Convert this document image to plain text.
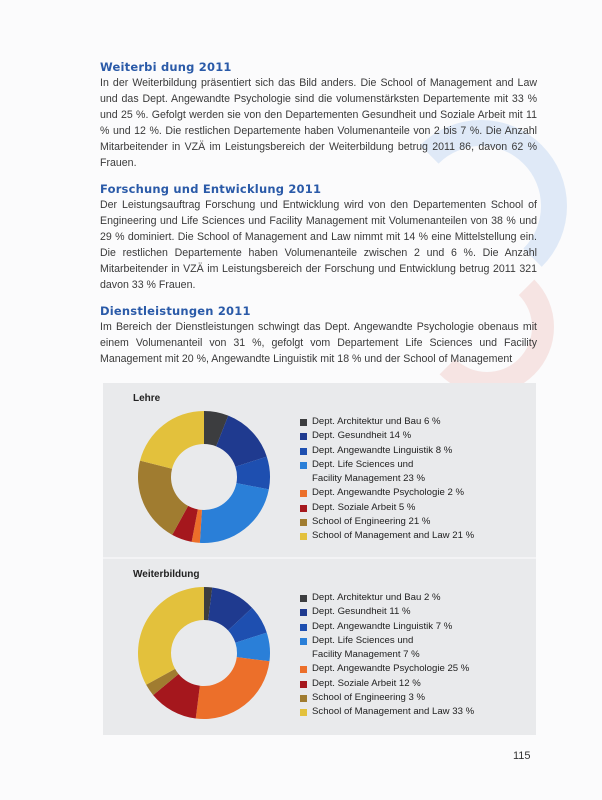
Weiterbi dung 2011

In der Weiterbildung präsentiert sich das Bild anders. Die School of Management and Law und das Dept. Angewandte Psychologie sind die volumenstärksten Departemente mit 33 % und 25 %. Gefolgt werden sie von den Departementen Gesundheit und Soziale Arbeit mit 11 % und 12 %. Die restlichen Departemente haben Volumenanteile von 2 bis 7 %. Die Anzahl Mitarbeitender in VZÄ im Leistungsbereich der Weiterbildung betrug 2011 86, davon 62 % Frauen.

Forschung und Entwicklung 2011

Der Leistungsauftrag Forschung und Entwicklung wird von den Departementen School of Engineering und Life Sciences und Facility Management mit Volumenanteilen von 38 % und 29 % dominiert. Die School of Management and Law nimmt mit 14 % eine Mittelstellung ein. Die restlichen Departemente haben Volumenanteile zwischen 2 und 6 %. Die Anzahl Mitarbeitender in VZÄ im Leistungsbereich der Forschung und Entwicklung betrug 2011 321 davon 33 % Frauen.

Dienstleistungen 2011

Im Bereich der Dienstleistungen schwingt das Dept. Angewandte Psychologie obenaus mit einem Volumenanteil von 31 %, gefolgt vom Departement Life Sciences und Facility Management mit 20 %, Angewandte Linguistik mit 18 % und der School of Management

Lehre
Dept. Architektur und Bau 6 %
Dept. Gesundheit 14 %
Dept. Angewandte Linguistik 8 %
Dept. Life Sciences und
Facility Management 23 %
Dept. Angewandte Psychologie 2 %
Dept. Soziale Arbeit 5 %
School of Engineering 21 %
School of Management and Law 21 %
Weiterbildung
Dept. Architektur und Bau 2 %
Dept. Gesundheit 11 %
Dept. Angewandte Linguistik 7 %
Dept. Life Sciences und
Facility Management 7 %
Dept. Angewandte Psychologie 25 %
Dept. Soziale Arbeit 12 %
School of Engineering 3 %
School of Management and Law 33 %
115
